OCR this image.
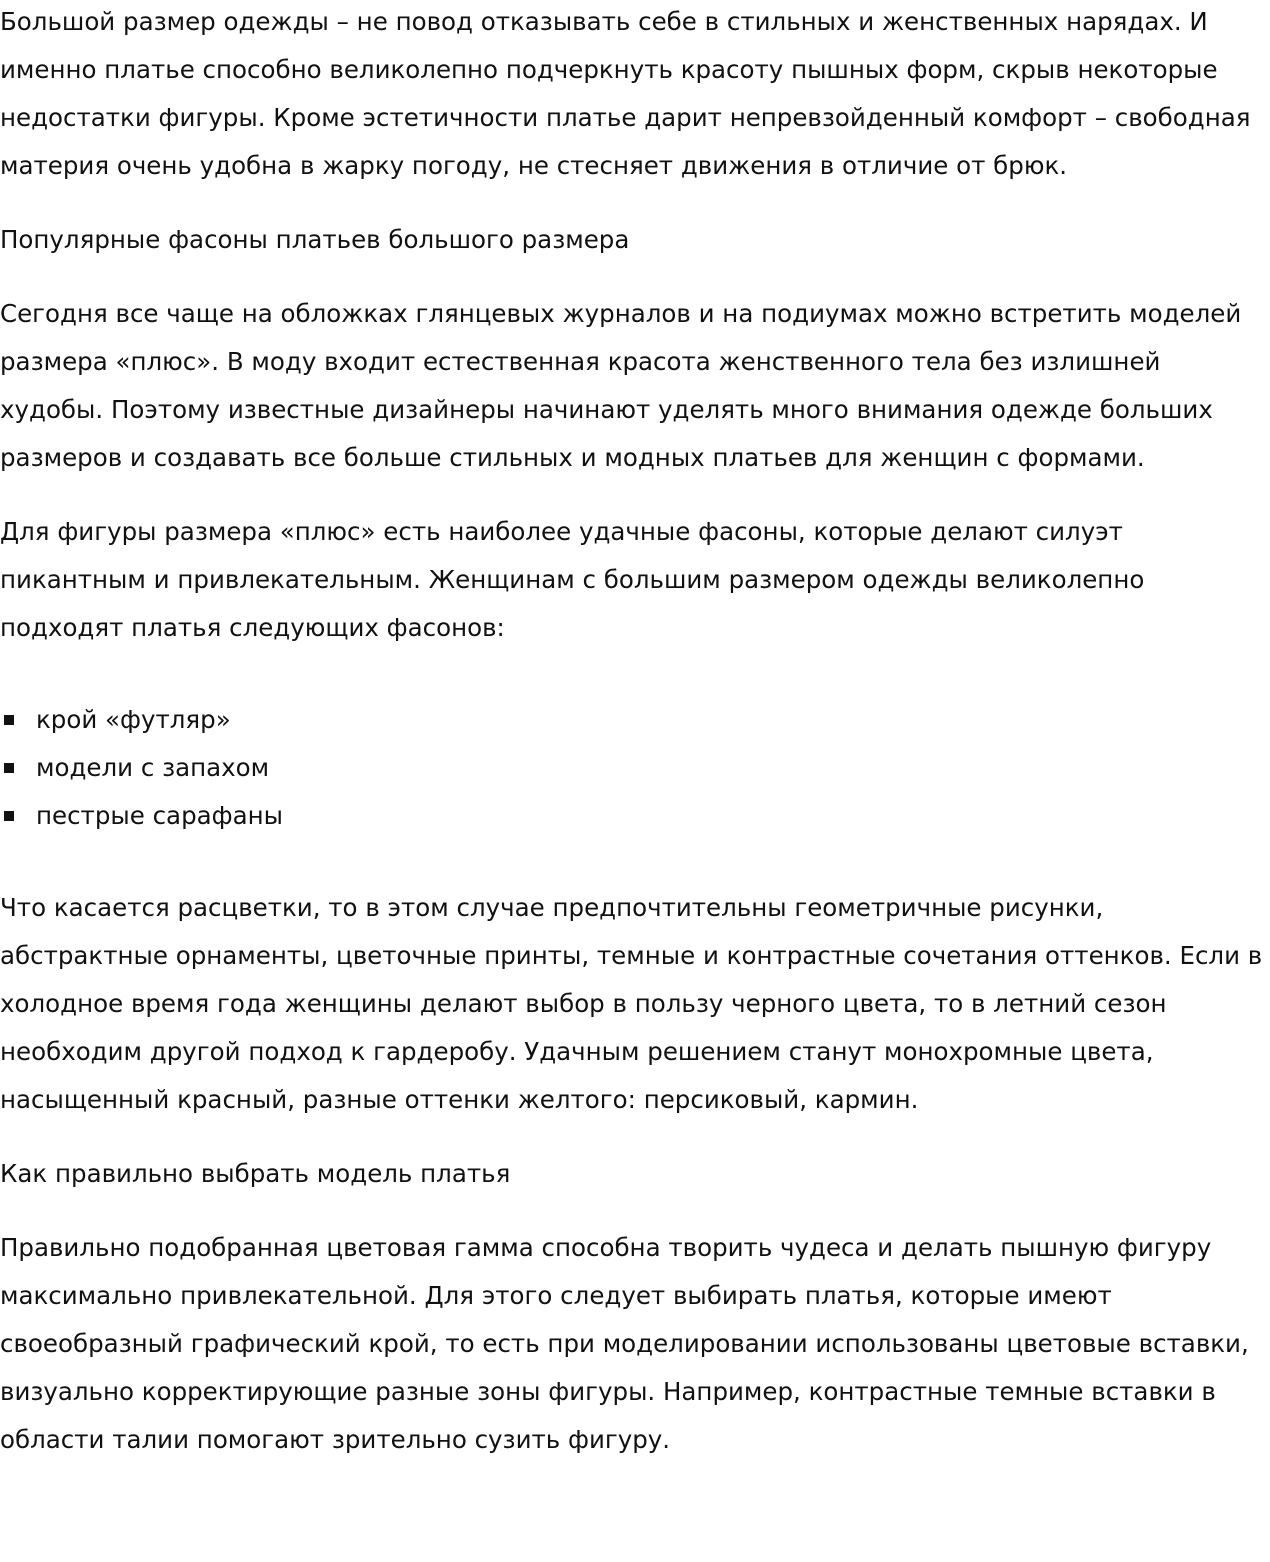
Большой размер одежды – не повод отказывать себе в стильных и женственных нарядах. И именно платье способно великолепно подчеркнуть красоту пышных форм, скрыв некоторые недостатки фигуры. Кроме эстетичности платье дарит непревзойденный комфорт – свободная материя очень удобна в жарку погоду, не стесняет движения в отличие от брюк.

Популярные фасоны платьев большого размера

Сегодня все чаще на обложках глянцевых журналов и на подиумах можно встретить моделей размера «плюс». В моду входит естественная красота женственного тела без излишней худобы. Поэтому известные дизайнеры начинают уделять много внимания одежде больших размеров и создавать все больше стильных и модных платьев для женщин с формами.

Для фигуры размера «плюс» есть наиболее удачные фасоны, которые делают силуэт пикантным и привлекательным. Женщинам с большим размером одежды великолепно подходят платья следующих фасонов:

крой «футляр»
модели с запахом
пестрые сарафаны

Что касается расцветки, то в этом случае предпочтительны геометричные рисунки, абстрактные орнаменты, цветочные принты, темные и контрастные сочетания оттенков. Если в холодное время года женщины делают выбор в пользу черного цвета, то в летний сезон необходим другой подход к гардеробу. Удачным решением станут монохромные цвета, насыщенный красный, разные оттенки желтого: персиковый, кармин.

Как правильно выбрать модель платья

Правильно подобранная цветовая гамма способна творить чудеса и делать пышную фигуру максимально привлекательной. Для этого следует выбирать платья, которые имеют своеобразный графический крой, то есть при моделировании использованы цветовые вставки, визуально корректирующие разные зоны фигуры. Например, контрастные темные вставки в области талии помогают зрительно сузить фигуру.
